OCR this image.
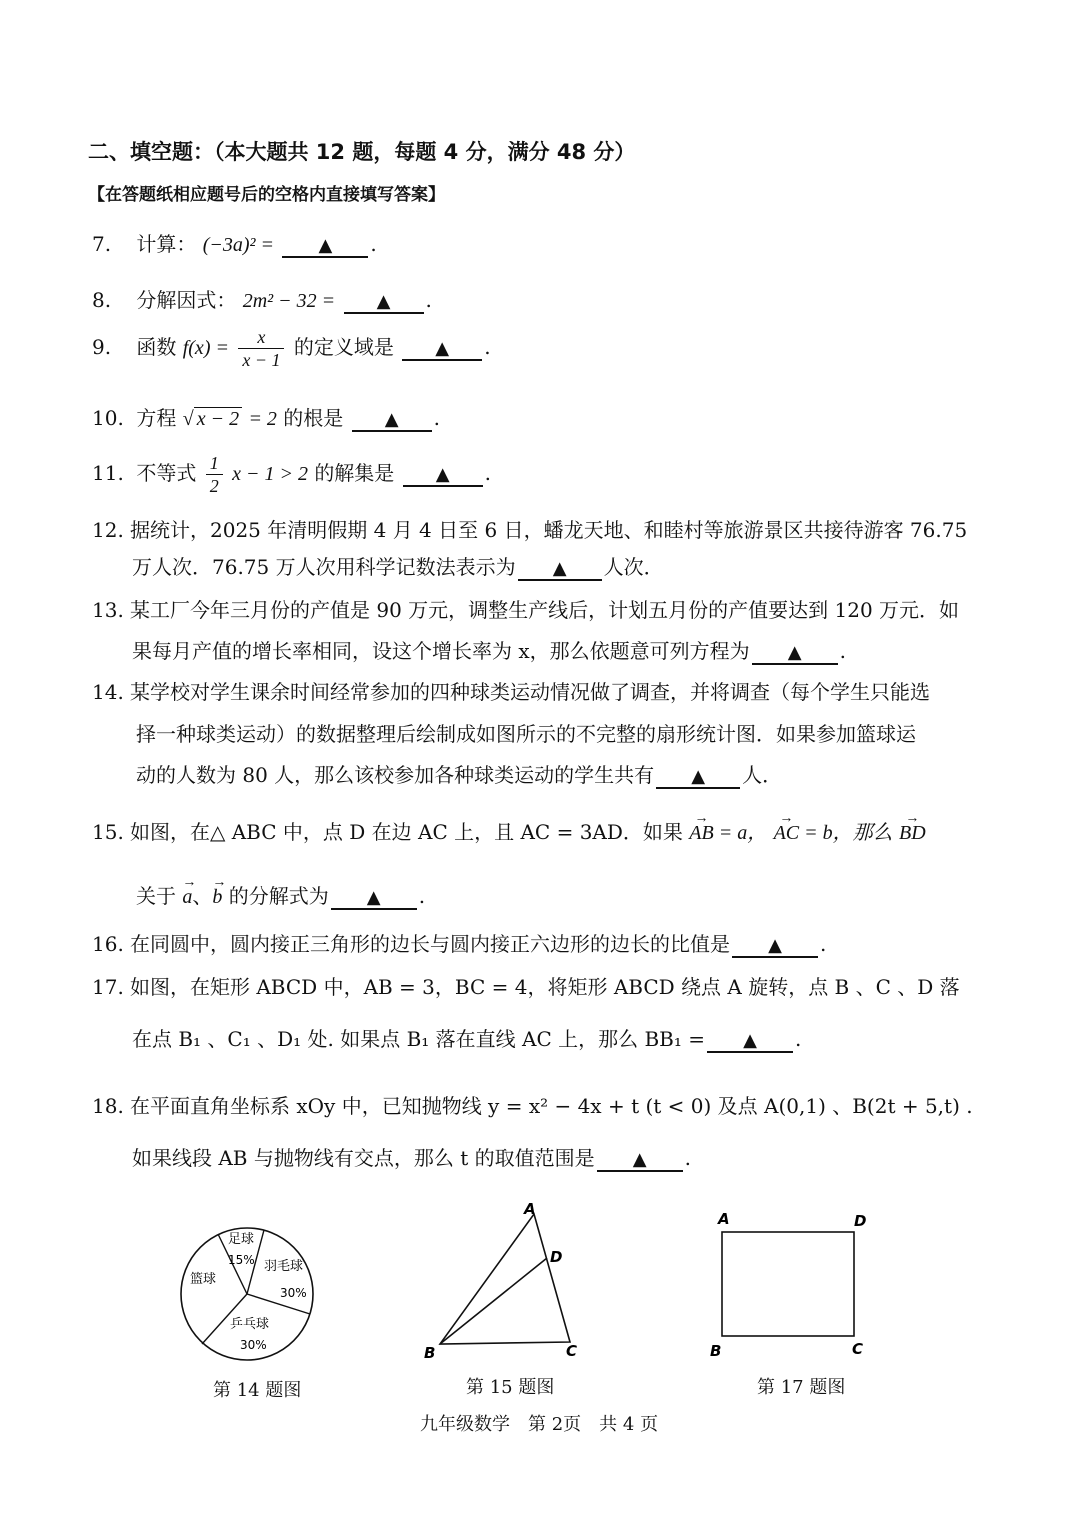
二、填空题：（本大题共 12 题，每题 4 分，满分 48 分）
【在答题纸相应题号后的空格内直接填写答案】
7. 计算： (−3a)² = ▲ .
8. 分解因式： 2m² − 32 = ▲ .
9. 函数 $f(x) = \frac{x}{x - 1}$ 的定义域是 ▲ .
10. 方程 √ x − 2 = 2 的根是 ▲ .
11. 不等式 $\frac{1}{2}$ x − 1 > 2 的解集是 ▲ .
12. 据统计，2025 年清明假期 4 月 4 日至 6 日，蟠龙天地、和睦村等旅游景区共接待游客 76.75
万人次．76.75 万人次用科学记数法表示为 ▲ 人次．
13. 某工厂今年三月份的产值是 90 万元，调整生产线后，计划五月份的产值要达到 120 万元．如
果每月产值的增长率相同，设这个增长率为 x，那么依题意可列方程为 ▲ .
14. 某学校对学生课余时间经常参加的四种球类运动情况做了调查，并将调查（每个学生只能选
择一种球类运动）的数据整理后绘制成如图所示的不完整的扇形统计图．如果参加篮球运
动的人数为 80 人，那么该校参加各种球类运动的学生共有 ▲ 人．
15. 如图，在△ ABC 中，点 D 在边 AC 上，且 AC = 3AD．如果 → AB = a， → AC = b，那么 → BD
关于 → a、→ b 的分解式为 ▲ .
16. 在同圆中，圆内接正三角形的边长与圆内接正六边形的边长的比值是 ▲ .
17. 如图，在矩形 ABCD 中，AB = 3，BC = 4，将矩形 ABCD 绕点 A 旋转，点 B 、C 、D 落
在点 B₁ 、C₁ 、D₁ 处. 如果点 B₁ 落在直线 AC 上，那么 BB₁ = ▲ .
18. 在平面直角坐标系 xOy 中，已知抛物线 y = x² − 4x + t (t < 0) 及点 A(0,1) 、B(2t + 5,t) .
如果线段 AB 与抛物线有交点，那么 t 的取值范围是 ▲ .
足球
15% 羽毛球
30%
乒乓球
30%
篮球
第 14 题图
A
D
B	C
第 15 题图
A	D
B	C
第 17 题图
九年级数学　第 2页　共 4 页
